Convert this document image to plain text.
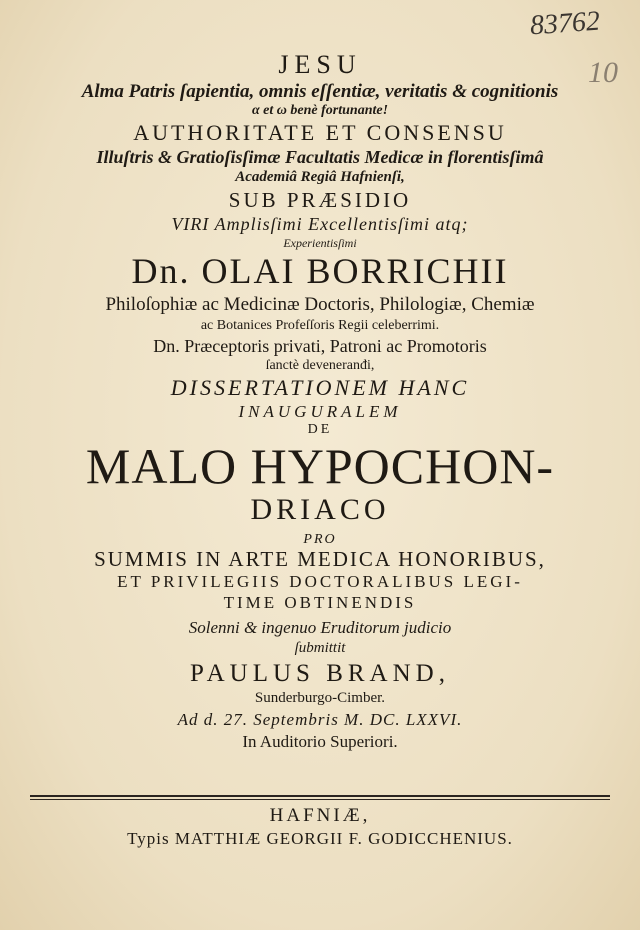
83762
10
JESU
Alma Patris ſapientia, omnis eſſentiæ, veritatis & cognitionis
α et ω benè fortunante!
AUTHORITATE ET CONSENSU
Illuſtris & Gratioſisſimæ Facultatis Medicæ in florentisſimâ
Academiâ Regiâ Hafnienſi,
SUB PRÆSIDIO
VIRI Amplisſimi Excellentisſimi atq;
Experientisſimi
Dn. OLAI BORRICHII
Philoſophiæ ac Medicinæ Doctoris, Philologiæ, Chemiæ
ac Botanices Profeſſoris Regii celeberrimi.
Dn. Præceptoris privati, Patroni ac Promotoris
ſanctè deveneranđi,
DISSERTATIONEM HANC
INAUGURALEM
DE
MALO HYPOCHON-
DRIACO
PRO
SUMMIS IN ARTE MEDICA HONORIBUS,
ET PRIVILEGIIS DOCTORALIBUS LEGI-
TIME OBTINENDIS
Solenni & ingenuo Eruditorum judicio
ſubmittit
PAULUS BRAND,
Sunderburgo-Cimber.
Ad d. 27. Septembris M. DC. LXXVI.
In Auditorio Superiori.
HAFNIÆ,
Typis MATTHIÆ GEORGII F. GODICCHENIUS.
